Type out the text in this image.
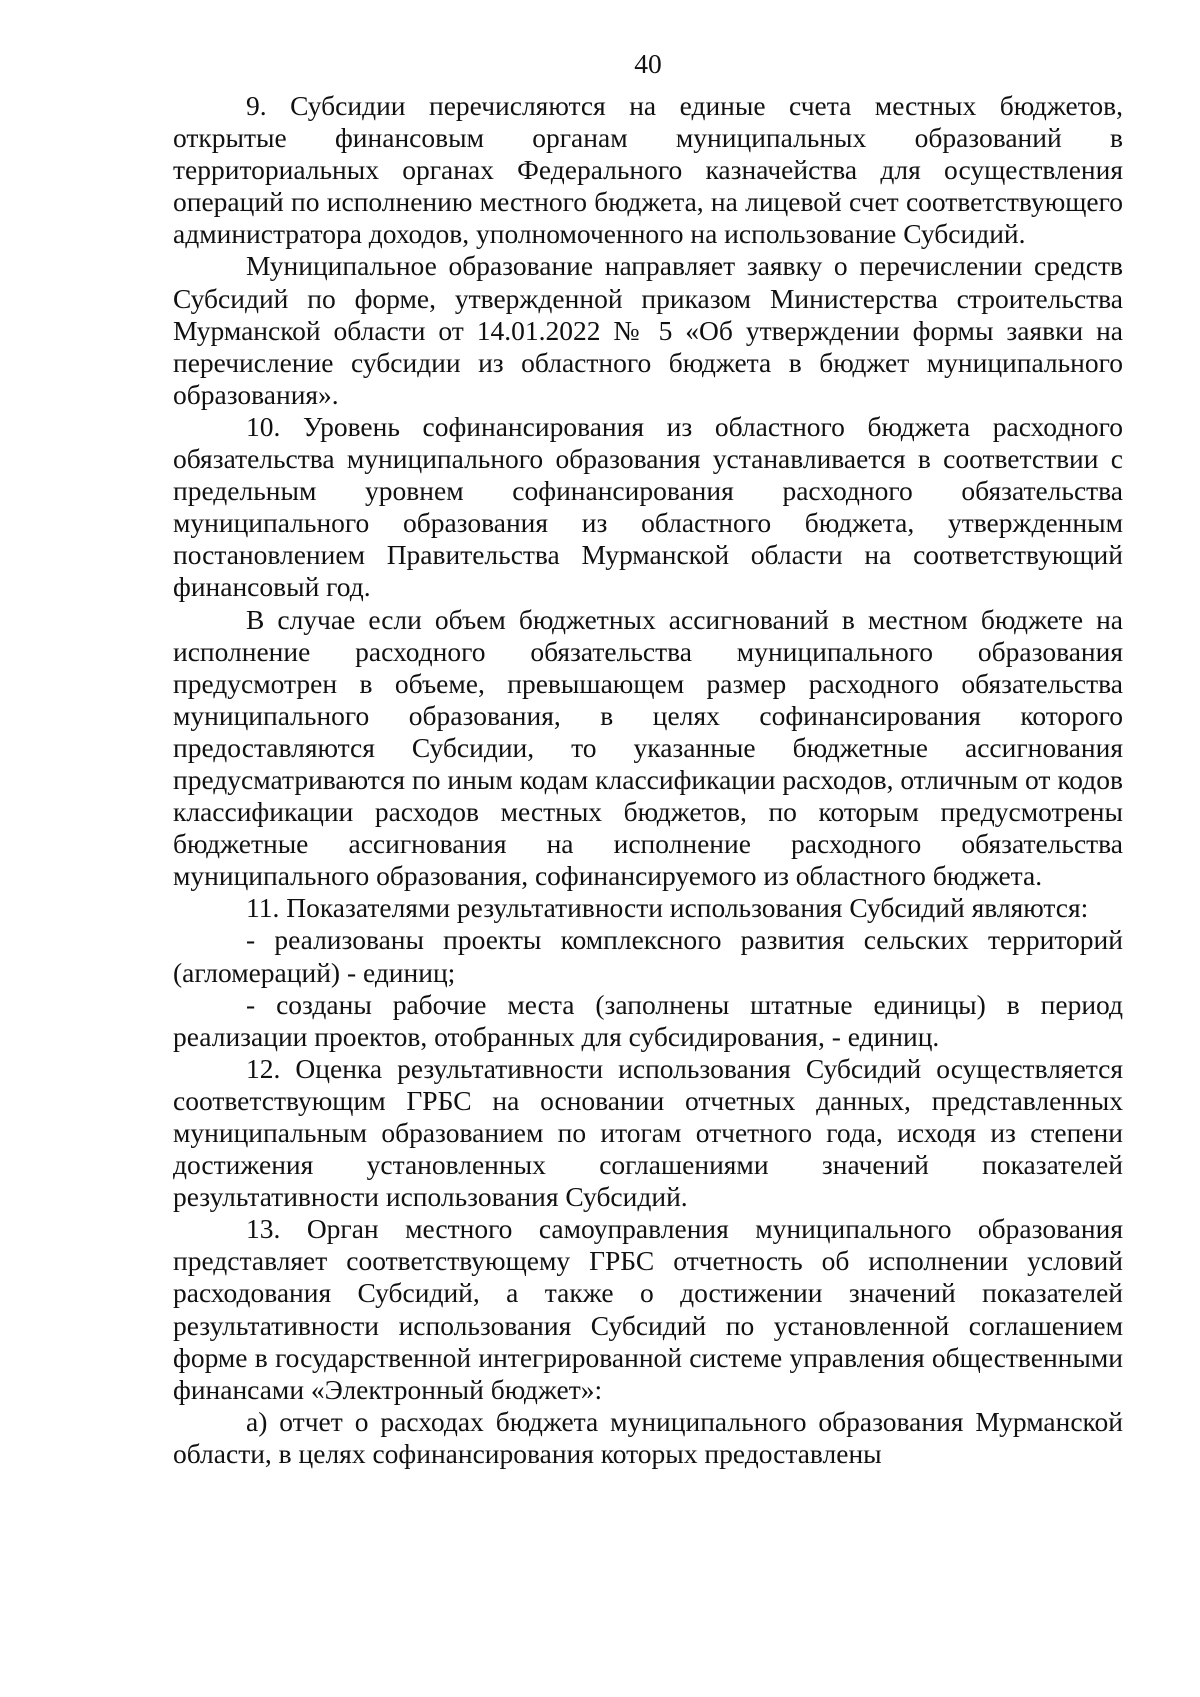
40

9. Субсидии перечисляются на единые счета местных бюджетов, открытые финансовым органам муниципальных образований в территориальных органах Федерального казначейства для осуществления операций по исполнению местного бюджета, на лицевой счет соответствующего администратора доходов, уполномоченного на использование Субсидий.

Муниципальное образование направляет заявку о перечислении средств Субсидий по форме, утвержденной приказом Министерства строительства Мурманской области от 14.01.2022 № 5 «Об утверждении формы заявки на перечисление субсидии из областного бюджета в бюджет муниципального образования».

10. Уровень софинансирования из областного бюджета расходного обязательства муниципального образования устанавливается в соответствии с предельным уровнем софинансирования расходного обязательства муниципального образования из областного бюджета, утвержденным постановлением Правительства Мурманской области на соответствующий финансовый год.

В случае если объем бюджетных ассигнований в местном бюджете на исполнение расходного обязательства муниципального образования предусмотрен в объеме, превышающем размер расходного обязательства муниципального образования, в целях софинансирования которого предоставляются Субсидии, то указанные бюджетные ассигнования предусматриваются по иным кодам классификации расходов, отличным от кодов классификации расходов местных бюджетов, по которым предусмотрены бюджетные ассигнования на исполнение расходного обязательства муниципального образования, софинансируемого из областного бюджета.

11. Показателями результативности использования Субсидий являются:

- реализованы проекты комплексного развития сельских территорий (агломераций) - единиц;

- созданы рабочие места (заполнены штатные единицы) в период реализации проектов, отобранных для субсидирования, - единиц.

12. Оценка результативности использования Субсидий осуществляется соответствующим ГРБС на основании отчетных данных, представленных муниципальным образованием по итогам отчетного года, исходя из степени достижения установленных соглашениями значений показателей результативности использования Субсидий.

13. Орган местного самоуправления муниципального образования представляет соответствующему ГРБС отчетность об исполнении условий расходования Субсидий, а также о достижении значений показателей результативности использования Субсидий по установленной соглашением форме в государственной интегрированной системе управления общественными финансами «Электронный бюджет»:

а) отчет о расходах бюджета муниципального образования Мурманской области, в целях софинансирования которых предоставлены
